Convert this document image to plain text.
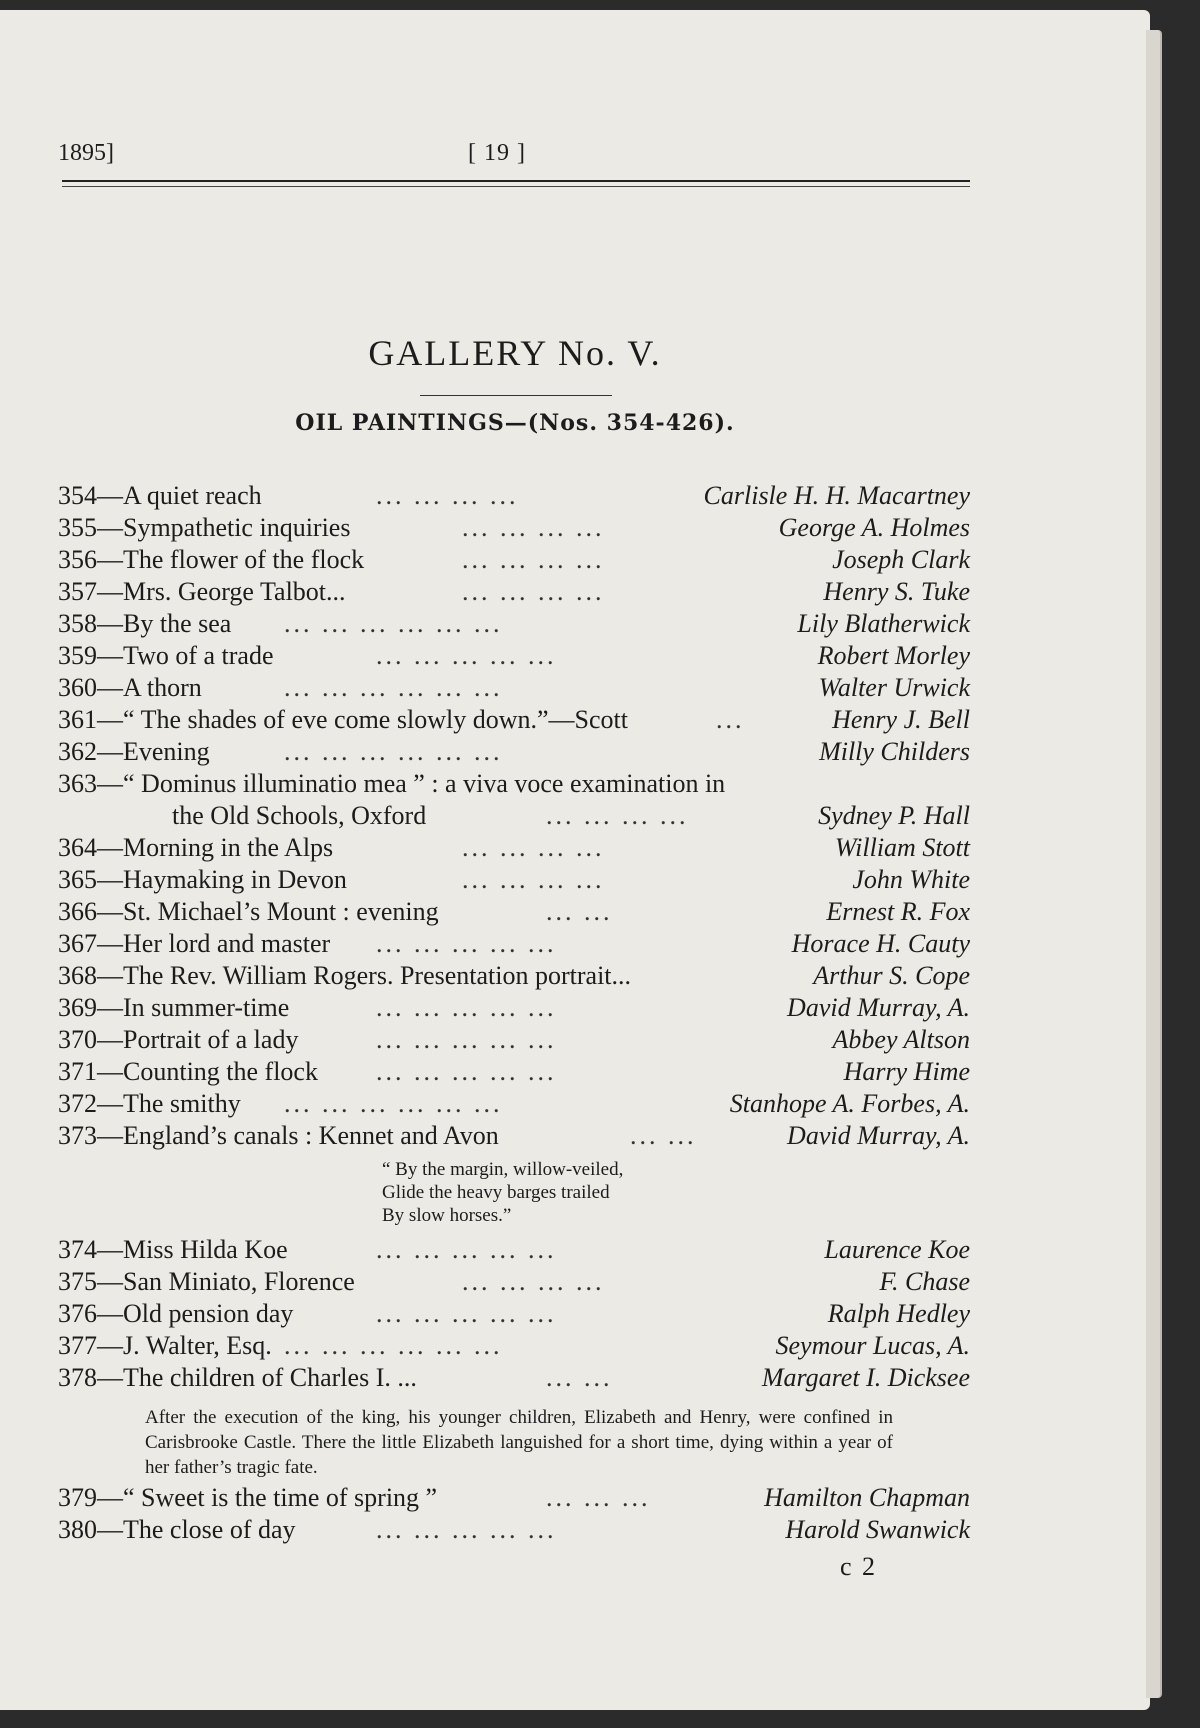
1895]	[ 19 ]
GALLERY No. V.
OIL PAINTINGS—(Nos. 354-426).
354—A quiet reach	... ... ... ...	Carlisle H. H. Macartney
355—Sympathetic inquiries	... ... ... ...	George A. Holmes
356—The flower of the flock	... ... ... ...	Joseph Clark
357—Mrs. George Talbot...	... ... ... ...	Henry S. Tuke
358—By the sea ... ... ... ... ... ...	Lily Blatherwick
359—Two of a trade	... ... ... ... ...	Robert Morley
360—A thorn	... ... ... ... ... ...	Walter Urwick
361—“ The shades of eve come slowly down.”—Scott	...	Henry J. Bell
362—Evening	... ... ... ... ... ...	Milly Childers
363—“ Dominus illuminatio mea ” : a viva voce examination in
the Old Schools, Oxford	... ... ... ...	Sydney P. Hall
364—Morning in the Alps	... ... ... ...	William Stott
365—Haymaking in Devon	... ... ... ...	John White
366—St. Michael’s Mount : evening	... ...	Ernest R. Fox
367—Her lord and master ... ... ... ... ...	Horace H. Cauty
368—The Rev. William Rogers. Presentation portrait...	Arthur S. Cope
369—In summer-time	... ... ... ... ...	David Murray, A.
370—Portrait of a lady	... ... ... ... ...	Abbey Altson
371—Counting the flock ... ... ... ... ...	Harry Hime
372—The smithy ... ... ... ... ... ...	Stanhope A. Forbes, A.
373—England’s canals : Kennet and Avon	... ...	David Murray, A.
“ By the margin, willow-veiled,
Glide the heavy barges trailed
By slow horses.”
374—Miss Hilda Koe	... ... ... ... ...	Laurence Koe
375—San Miniato, Florence	... ... ... ...	F. Chase
376—Old pension day	... ... ... ... ...	Ralph Hedley
377—J. Walter, Esq. ... ... ... ... ... ...	Seymour Lucas, A.
378—The children of Charles I. ...	... ...	Margaret I. Dicksee
After the execution of the king, his younger children, Elizabeth and Henry, were confined in Carisbrooke Castle. There the little Elizabeth languished for a short time, dying within a year of her father’s tragic fate.
379—“ Sweet is the time of spring ”	... ... ...	Hamilton Chapman
380—The close of day	... ... ... ... ...	Harold Swanwick
c 2
